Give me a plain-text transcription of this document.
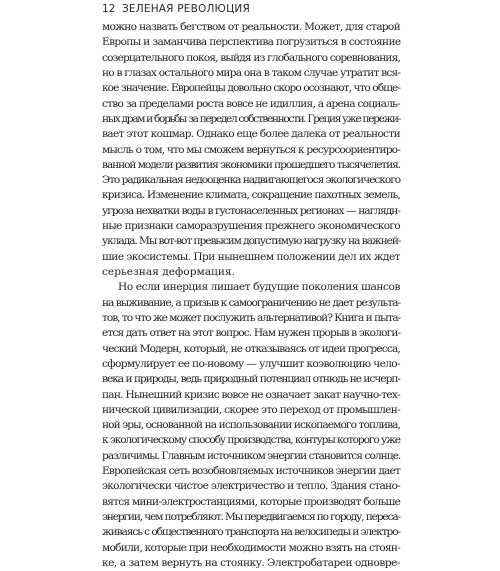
12 ЗЕЛЕНАЯ РЕВОЛЮЦИЯ
можно назвать бегством от реальности. Может, для старой
Европы и заманчива перспектива погрузиться в состояние
созерцательного покоя, выйдя из глобального соревнования,
но в глазах остального мира она в таком случае утратит вся-
кое значение. Европейцы довольно скоро осознают, что обще-
ство за пределами роста вовсе не идиллия, а арена социаль-
ных драм и борьбы за передел собственности. Греция уже пережи-
вает этот кошмар. Однако еще более далека от реальности
мысль о том, что мы сможем вернуться к ресурсоориентиро-
ванной модели развития экономики прошедшего тысячелетия.
Это радикальная недооценка надвигающегося экологического
кризиса. Изменение климата, сокращение пахотных земель,
угроза нехватки воды в густонаселенных регионах — наглядн-
ные признаки саморазрушения прежнего экономического
уклада. Мы вот-вот превысим допустимую нагрузку на важней-
шие экосистемы. При нынешнем положении дел их ждет
серьезная деформация.
Но если инерция лишает будущие поколения шансов
на выживание, а призыв к самоограничению не дает результа-
тов, то что же может послужить альтернативой? Книга и пыта-
ется дать ответ на этот вопрос. Нам нужен прорыв в экологи-
ческий Модерн, который, не отказываясь от идеи прогресса,
сформулирует ее по-новому — улучшит коэволюцию чело-
века и природы, ведь природный потенциал отнюдь не исчерп-
пан. Нынешний кризис вовсе не означает закат научно-тех-
нической цивилизации, скорее это переход от промышлен-
ной эры, основанной на использовании ископаемого топлива,
к экологическому способу производства, контуры которого уже
различимы. Главным источником энергии становится солнце.
Европейская сеть возобновляемых источников энергии дает
экологически чистое электричество и тепло. Здания стано-
вятся мини-электростанциями, которые производят больше
энергии, чем потребляют. Мы передвигаемся по городу, переса-
живаясь с общественного транспорта на велосипеды и электро-
мобили, которые при необходимости можно взять на стоян-
ке, а затем вернуть на стоянку. Электробатареи одновре-
